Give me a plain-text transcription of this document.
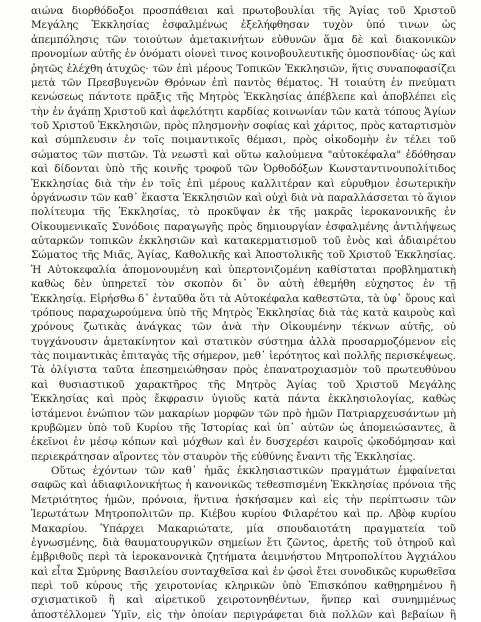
αιώνα διορθόδοξοι προσπάθειαι καὶ πρωτοβουλίαι τῆς Ἁγίας τοῦ Χριστοῦ
Μεγάλης Ἐκκλησίας ἐσφαλμένως ἐξελήφθησαν τυχὸν ὑπό τινων ὡς
ἀπεμπόλησις τῶν τοιούτων ἀμετακινήτων εὐθυνῶν ἅμα δὲ καὶ διακονικῶν
προνομίων αὐτῆς ἐν ὀνόματι οἱονεὶ τινος κοινοβουλευτικῆς ὁμοσπονδίας· ὡς καὶ
ῥητῶς ἐλέχθη ἀτυχῶς· τῶν ἐπὶ μέρους Τοπικῶν Ἐκκλησιῶν, ἥτις συναποφασίζει
μετὰ τῶν Πρεσβυγενῶν Θρόνων ἐπὶ παντὸς θέματος. Ἡ τοιαύτη ἐν πνεύματι
κενώσεως πάντοτε πρᾶξις τῆς Μητρὸς Ἐκκλησίας ἀπέβλεπε καὶ ἀποβλέπει εἰς
τὴν ἐν ἀγάπῃ Χριστοῦ καὶ ἀφελότητι καρδίας κοινωνίαν τῶν κατὰ τόπους Ἁγίων
τοῦ Χριστοῦ Ἐκκλησιῶν, πρὸς πλησμονὴν σοφίας καὶ χάριτος, πρὸς καταρτισμὸν
καὶ σύμπλευσιν ἐν τοῖς ποιμαντικοῖς θέμασι, πρὸς οἰκοδομὴν ἐν τέλει τοῦ
σώματος τῶν πιστῶν. Τὰ νεωστὶ καὶ οὕτω καλούμενα "αὐτοκέφαλα" ἐδόθησαν
καὶ δίδονται ὑπὸ τῆς κοινῆς τροφοῦ τῶν Ὀρθοδόξων Κωνσταντινουπολίτιδος
Ἐκκλησίας διὰ τὴν ἐν τοῖς ἐπὶ μέρους καλλιτέραν καὶ εὐρυθμον ἐσωτερικὴν
ὀργάνωσιν τῶν καθ᾽ ἕκαστα Ἐκκλησιῶν καὶ οὐχὶ διὰ νὰ παραλλάσσεται τὸ ἅγιον
πολίτευμα τῆς Ἐκκλησίας, τὸ προκῦψαν ἐκ τῆς μακρᾶς ἱεροκανονικῆς ἐν
Οἰκουμενικαῖς Συνόδοις παραγωγῆς πρὸς δημιουργίαν ἐσφαλμένης ἀντιλήψεως
αὐταρκῶν τοπικῶν ἐκκλησιῶν καὶ κατακερματισμοῦ τοῦ ἑνὸς καὶ ἀδιαιρέτου
Σώματος τῆς Μιᾶς, Ἁγίας, Καθολικῆς καὶ Ἀποστολικῆς τοῦ Χριστοῦ Ἐκκλησίας.
Ἡ Αὐτοκεφαλία ἀπομονουμένη καὶ ὑπερτονιζομένη καθίσταται προβληματικὴ
καθὼς δὲν ὑπηρετεῖ τὸν σκοπὸν δι᾽ ὃν αὐτὴ ἐθεμήθη εὐχηστος ἐν τῇ
Ἐκκλησίᾳ. Εἰρήσθω δ᾽ ἐνταῦθα ὅτι τὰ Αὐτοκέφαλα καθεστῶτα, τὰ ὑφ᾽ ὅρους καὶ
τρόπους παραχωρούμενα ὑπὸ τῆς Μητρὸς Ἐκκλησίας διὰ τὰς κατὰ καιροὺς καὶ
χρόνους ζωτικὰς ἀνάγκας τῶν ἀνὰ τὴν Οἰκουμένην τέκνων αὐτῆς, οὐ
τυγχάνουσιν ἀμετακίνητον καὶ στατικὸν σύστημα ἀλλὰ προσαρμοζόμενον εἰς
τὰς ποιμαντικὰς ἐπιταγὰς τῆς σήμερον, μεθ᾽ ἱερότητος καὶ πολλῆς περισκέψεως.
Τὰ ὀλίγιστα ταῦτα ἐπεσημειώθησαν πρὸς ἐπανατροχιασμὸν τοῦ πρωτευθύνου
καὶ θυσιαστικοῦ χαρακτῆρος τῆς Μητρὸς Ἁγίας τοῦ Χριστοῦ Μεγάλης
Ἐκκλησίας καὶ πρὸς ἔκφρασιν ὑγιοῦς κατὰ πάντα ἐκκλησιολογίας, καθὼς
ἱστάμενοι ἐνώπιον τῶν μακαρίων μορφῶν τῶν πρὸ ἡμῶν Πατριαρχευσάντων μὴ
κρυβῶμεν ὑπὸ τοῦ Κυρίου τῆς Ἱστορίας καὶ ὑπ᾽ αὐτῶν ὡς ἀπομειώσαντες, ἃ
ἐκεῖνοι ἐν μέσῳ κόπων καὶ μόχθων καὶ ἐν δυσχερέσι καιροῖς ᾠκοδόμησαν καὶ
περιεκράτησαν αἴροντες τὸν σταυρὸν τῆς εὐθύνης ἔναντι τῆς Ἐκκλησίας.
Οὕτως ἐχόντων τῶν καθ᾽ ἡμᾶς ἐκκλησιαστικῶν πραγμάτων ἐμφαίνεται
σαφῶς καὶ ἀδιαφιλονικήτως ἡ κανονικῶς τεθεσπισμένη Ἐκκλησίας πρόνοια τῆς
Μετριότητος ἡμῶν, πρόνοια, ἥντινα ἠσκήσαμεν καὶ εἰς τὴν περίπτωσιν τῶν
Ἱερωτάτων Μητροπολιτῶν πρ. Κιέβου κυρίου Φιλαρέτου καὶ πρ. Λβὸφ κυρίου
Μακαρίου. Ὑπάρχει Μακαριώτατε, μία σπουδαιοτάτη πραγματεία τοῦ
ἐγνωσμένης, διὰ θαυματουργικῶν σημείων ἔτι ζῶντος, ἀρετῆς τοῦ ὁτηροῦ καὶ
ἐμβριθοῦς περὶ τὰ ἱεροκανονικὰ ζητήματα ἀειμνήστου Μητροπολίτου Ἀγχιάλου
καὶ εἶτα Σμύρνης Βασιλείου συνταχθεῖσα καὶ ἐν ᾡσοὶ ἔτει συνοδικῶς κυρωθεῖσα
περὶ τοῦ κύρους τῆς χειροτονίας κληρικῶν ὑπὸ Ἐπισκόπου καθῃρημένου ἢ
σχισματικοῦ ἢ καὶ αἱρετικοῦ χειροτονηθέντων, ἥνπερ καὶ συνημμένως
ἀποστέλλομεν Ὑμῖν, εἰς τὴν ὁποίαν περιγράφεται διὰ πολλῶν καὶ βεβαίων ἢ
